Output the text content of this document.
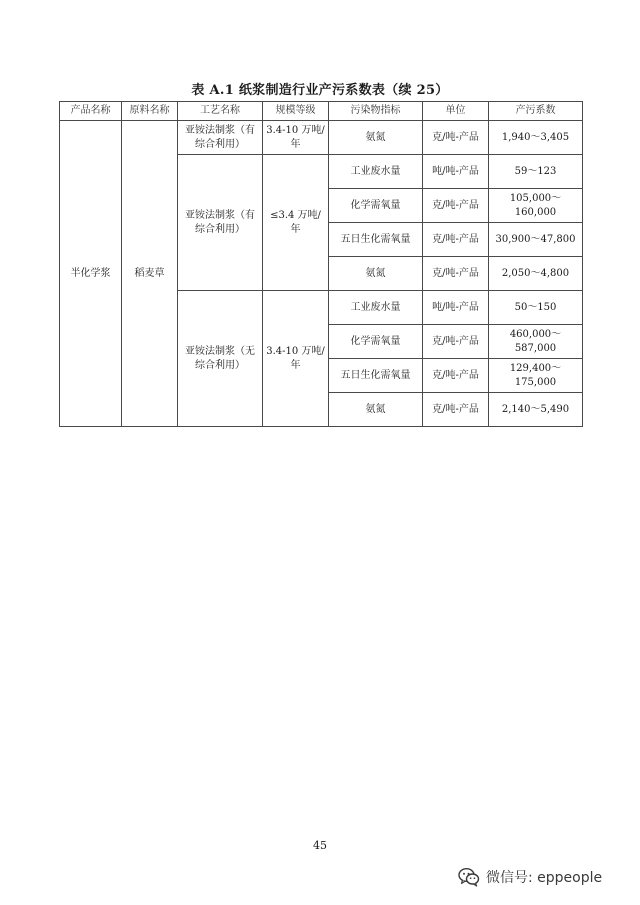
表 A.1 纸浆制造行业产污系数表（续 25）
产品名称	原料名称	工艺名称	规模等级	污染物指标	单位	产污系数
半化学浆	稻麦草	亚铵法制浆（有综合利用）	3.4-10 万吨/年	氨氮	克/吨-产品	1,940～3,405
		亚铵法制浆（有综合利用）	≤3.4 万吨/年	工业废水量	吨/吨-产品	59～123
				化学需氧量	克/吨-产品	105,000～160,000
				五日生化需氧量	克/吨-产品	30,900～47,800
				氨氮	克/吨-产品	2,050～4,800
		亚铵法制浆（无综合利用）	3.4-10 万吨/年	工业废水量	吨/吨-产品	50～150
				化学需氧量	克/吨-产品	460,000～587,000
				五日生化需氧量	克/吨-产品	129,400～175,000
				氨氮	克/吨-产品	2,140～5,490
45
微信号: eppeople
